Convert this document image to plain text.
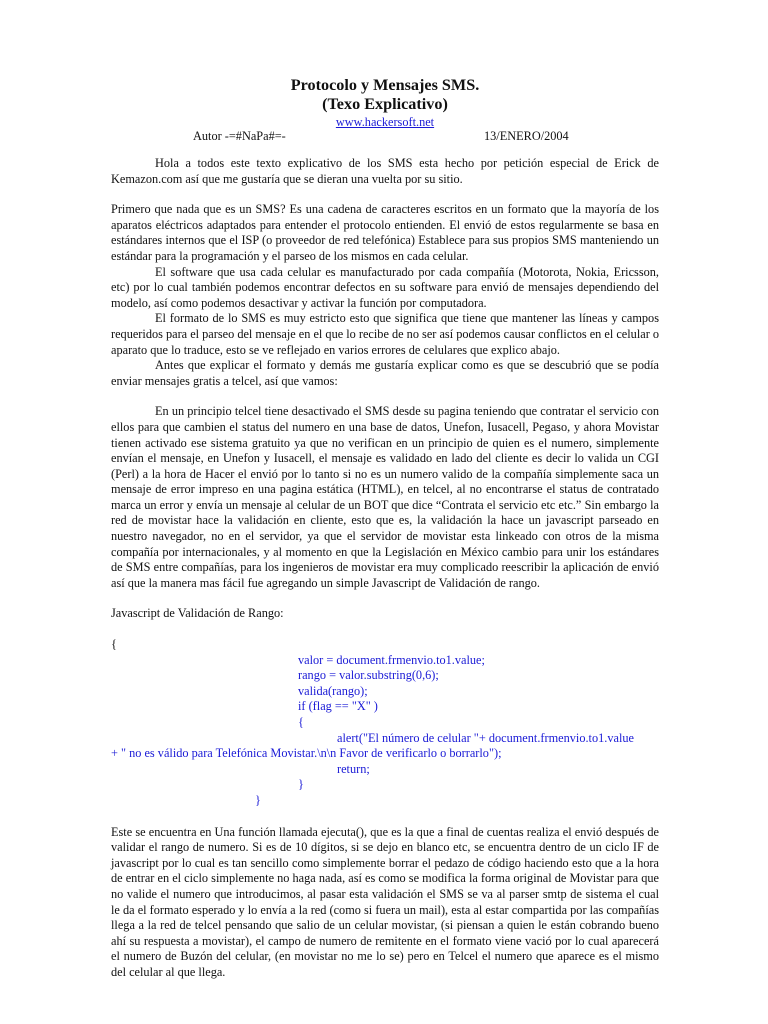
Protocolo y Mensajes SMS.
(Texo Explicativo)
www.hackersoft.net
Autor -=#NaPa#=-	13/ENERO/2004

Hola a todos este texto explicativo de los SMS esta hecho por petición especial de Erick de Kemazon.com así que me gustaría que se dieran una vuelta por su sitio.

Primero que nada que es un SMS? Es una cadena de caracteres escritos en un formato que la mayoría de los aparatos eléctricos adaptados para entender el protocolo entienden. El envió de estos regularmente se basa en estándares internos que el ISP (o proveedor de red telefónica) Establece para sus propios SMS manteniendo un estándar para la programación y el parseo de los mismos en cada celular.

El software que usa cada celular es manufacturado por cada compañía (Motorota, Nokia, Ericsson, etc) por lo cual también podemos encontrar defectos en su software para envió de mensajes dependiendo del modelo, así como podemos desactivar y activar la función por computadora.

El formato de lo SMS es muy estricto esto que significa que tiene que mantener las líneas y campos requeridos para el parseo del mensaje en el que lo recibe de no ser así podemos causar conflictos en el celular o aparato que lo traduce, esto se ve reflejado en varios errores de celulares que explico abajo.

Antes que explicar el formato y demás me gustaría explicar como es que se descubrió que se podía enviar mensajes gratis a telcel, así que vamos:

En un principio telcel tiene desactivado el SMS desde su pagina teniendo que contratar el servicio con ellos para que cambien el status del numero en una base de datos, Unefon, Iusacell, Pegaso, y ahora Movistar tienen activado ese sistema gratuito ya que no verifican en un principio de quien es el numero, simplemente envían el mensaje, en Unefon y Iusacell, el mensaje es validado en lado del cliente es decir lo valida un CGI (Perl) a la hora de Hacer el envió por lo tanto si no es un numero valido de la compañía simplemente saca un mensaje de error impreso en una pagina estática (HTML), en telcel, al no encontrarse el status de contratado marca un error y envía un mensaje al celular de un BOT que dice “Contrata el servicio etc etc.” Sin embargo la red de movistar hace la validación en cliente, esto que es, la validación la hace un javascript parseado en nuestro navegador, no en el servidor, ya que el servidor de movistar esta linkeado con otros de la misma compañía por internacionales, y al momento en que la Legislación en México cambio para unir los estándares de SMS entre compañías, para los ingenieros de movistar era muy complicado reescribir la aplicación de envió así que la manera mas fácil fue agregando un simple Javascript de Validación de rango.

Javascript de Validación de Rango:

{
valor = document.frmenvio.to1.value;
rango = valor.substring(0,6);
valida(rango);
if (flag == "X" )
{
alert("El número de celular "+ document.frmenvio.to1.value
+ " no es válido para Telefónica Movistar.\n\n Favor de verificarlo o borrarlo");
return;
}
}

Este se encuentra en Una función llamada ejecuta(), que es la que a final de cuentas realiza el envió después de validar el rango de numero. Si es de 10 dígitos, si se dejo en blanco etc, se encuentra dentro de un ciclo IF de javascript por lo cual es tan sencillo como simplemente borrar el pedazo de código haciendo esto que a la hora de entrar en el ciclo simplemente no haga nada, así es como se modifica la forma original de Movistar para que no valide el numero que introducimos, al pasar esta validación el SMS se va al parser smtp de sistema el cual le da el formato esperado y lo envía a la red (como si fuera un mail), esta al estar compartida por las compañías llega a la red de telcel pensando que salio de un celular movistar, (si piensan a quien le están cobrando bueno ahí su respuesta a movistar), el campo de numero de remitente en el formato viene vació por lo cual aparecerá el numero de Buzón del celular, (en movistar no me lo se) pero en Telcel el numero que aparece es el mismo del celular al que llega.
